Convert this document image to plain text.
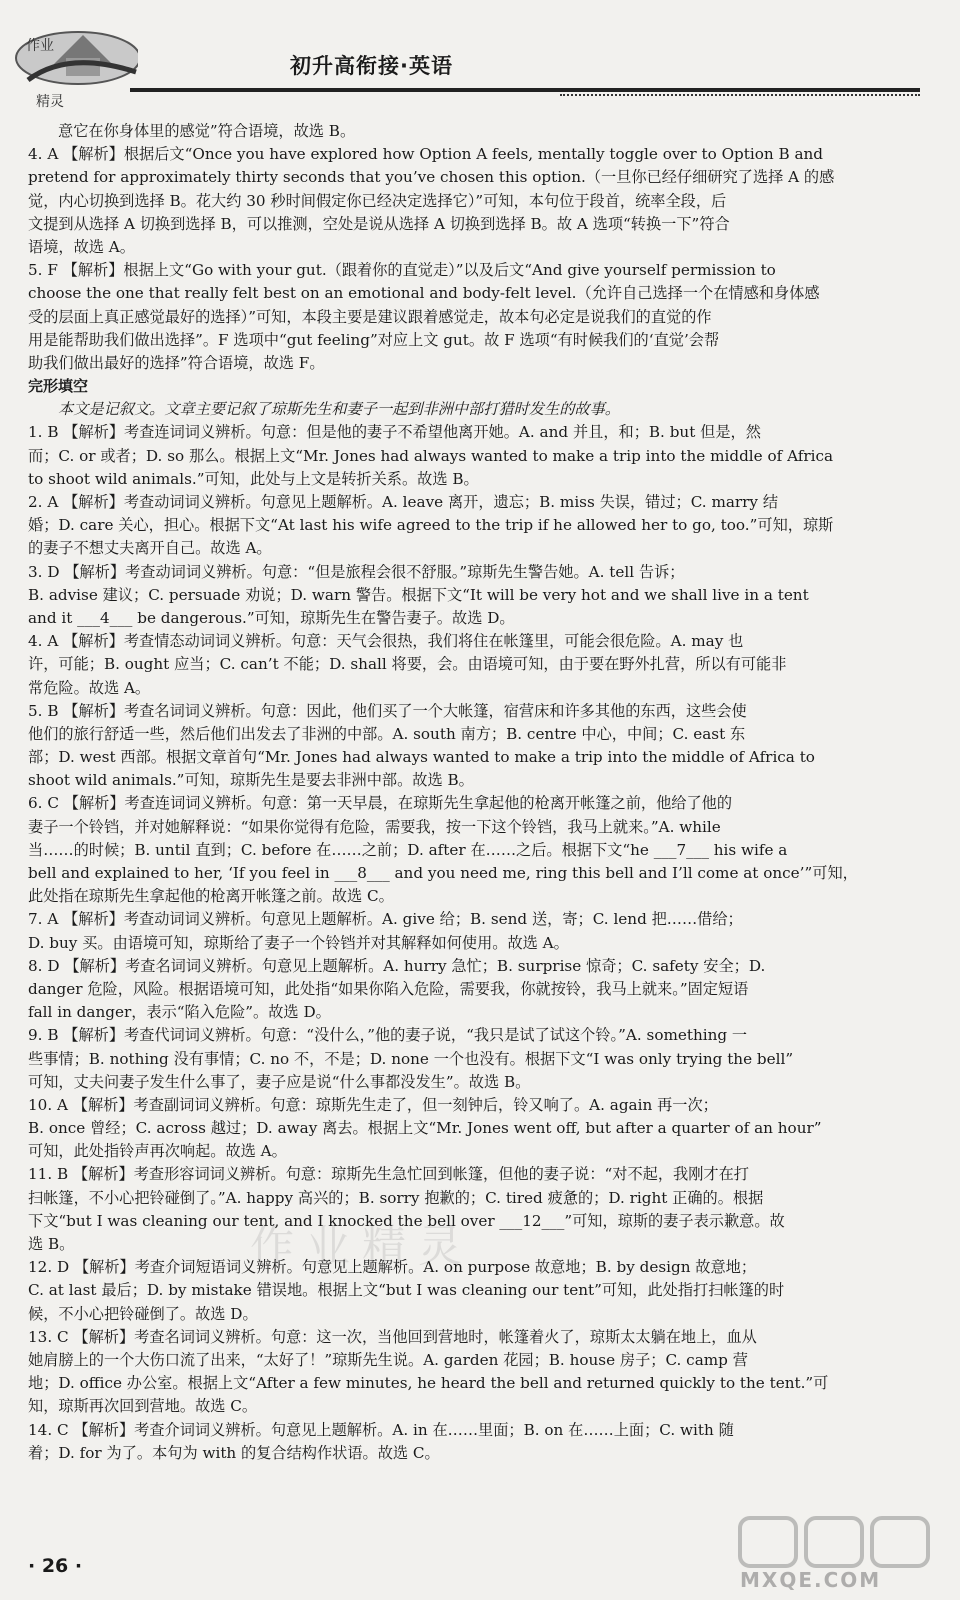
作业
精灵
初升高衔接·英语
意它在你身体里的感觉”符合语境，故选 B。
4. A 【解析】根据后文“Once you have explored how Option A feels, mentally toggle over to Option B and
pretend for approximately thirty seconds that you’ve chosen this option.（一旦你已经仔细研究了选择 A 的感
觉，内心切换到选择 B。花大约 30 秒时间假定你已经决定选择它）”可知，本句位于段首，统率全段，后
文提到从选择 A 切换到选择 B，可以推测，空处是说从选择 A 切换到选择 B。故 A 选项“转换一下”符合
语境，故选 A。
5. F 【解析】根据上文“Go with your gut.（跟着你的直觉走）”以及后文“And give yourself permission to
choose the one that really felt best on an emotional and body-felt level.（允许自己选择一个在情感和身体感
受的层面上真正感觉最好的选择）”可知，本段主要是建议跟着感觉走，故本句必定是说我们的直觉的作
用是能帮助我们做出选择”。F 选项中“gut feeling”对应上文 gut。故 F 选项“有时候我们的‘直觉’会帮
助我们做出最好的选择”符合语境，故选 F。
完形填空
本文是记叙文。文章主要记叙了琼斯先生和妻子一起到非洲中部打猎时发生的故事。
1. B 【解析】考查连词词义辨析。句意：但是他的妻子不希望他离开她。A. and 并且，和；B. but 但是，然
而；C. or 或者；D. so 那么。根据上文“Mr. Jones had always wanted to make a trip into the middle of Africa
to shoot wild animals.”可知，此处与上文是转折关系。故选 B。
2. A 【解析】考查动词词义辨析。句意见上题解析。A. leave 离开，遗忘；B. miss 失误，错过；C. marry 结
婚；D. care 关心，担心。根据下文“At last his wife agreed to the trip if he allowed her to go, too.”可知，琼斯
的妻子不想丈夫离开自己。故选 A。
3. D 【解析】考查动词词义辨析。句意：“但是旅程会很不舒服。”琼斯先生警告她。A. tell 告诉；
B. advise 建议；C. persuade 劝说；D. warn 警告。根据下文“It will be very hot and we shall live in a tent
and it ___4___ be dangerous.”可知，琼斯先生在警告妻子。故选 D。
4. A 【解析】考查情态动词词义辨析。句意：天气会很热，我们将住在帐篷里，可能会很危险。A. may 也
许，可能；B. ought 应当；C. can’t 不能；D. shall 将要，会。由语境可知，由于要在野外扎营，所以有可能非
常危险。故选 A。
5. B 【解析】考查名词词义辨析。句意：因此，他们买了一个大帐篷，宿营床和许多其他的东西，这些会使
他们的旅行舒适一些，然后他们出发去了非洲的中部。A. south 南方；B. centre 中心，中间；C. east 东
部；D. west 西部。根据文章首句“Mr. Jones had always wanted to make a trip into the middle of Africa to
shoot wild animals.”可知，琼斯先生是要去非洲中部。故选 B。
6. C 【解析】考查连词词义辨析。句意：第一天早晨，在琼斯先生拿起他的枪离开帐篷之前，他给了他的
妻子一个铃铛，并对她解释说：“如果你觉得有危险，需要我，按一下这个铃铛，我马上就来。”A. while
当……的时候；B. until 直到；C. before 在……之前；D. after 在……之后。根据下文“he ___7___ his wife a
bell and explained to her, ‘If you feel in ___8___ and you need me, ring this bell and I’ll come at once’”可知，
此处指在琼斯先生拿起他的枪离开帐篷之前。故选 C。
7. A 【解析】考查动词词义辨析。句意见上题解析。A. give 给；B. send 送，寄；C. lend 把……借给；
D. buy 买。由语境可知，琼斯给了妻子一个铃铛并对其解释如何使用。故选 A。
8. D 【解析】考查名词词义辨析。句意见上题解析。A. hurry 急忙；B. surprise 惊奇；C. safety 安全；D.
danger 危险，风险。根据语境可知，此处指“如果你陷入危险，需要我，你就按铃，我马上就来。”固定短语
fall in danger，表示“陷入危险”。故选 D。
9. B 【解析】考查代词词义辨析。句意：“没什么，”他的妻子说，“我只是试了试这个铃。”A. something 一
些事情；B. nothing 没有事情；C. no 不，不是；D. none 一个也没有。根据下文“I was only trying the bell”
可知，丈夫问妻子发生什么事了，妻子应是说“什么事都没发生”。故选 B。
10. A 【解析】考查副词词义辨析。句意：琼斯先生走了，但一刻钟后，铃又响了。A. again 再一次；
B. once 曾经；C. across 越过；D. away 离去。根据上文“Mr. Jones went off, but after a quarter of an hour”
可知，此处指铃声再次响起。故选 A。
11. B 【解析】考查形容词词义辨析。句意：琼斯先生急忙回到帐篷，但他的妻子说：“对不起，我刚才在打
扫帐篷，不小心把铃碰倒了。”A. happy 高兴的；B. sorry 抱歉的；C. tired 疲惫的；D. right 正确的。根据
下文“but I was cleaning our tent, and I knocked the bell over ___12___”可知，琼斯的妻子表示歉意。故
选 B。
12. D 【解析】考查介词短语词义辨析。句意见上题解析。A. on purpose 故意地；B. by design 故意地；
C. at last 最后；D. by mistake 错误地。根据上文“but I was cleaning our tent”可知，此处指打扫帐篷的时
候，不小心把铃碰倒了。故选 D。
13. C 【解析】考查名词词义辨析。句意：这一次，当他回到营地时，帐篷着火了，琼斯太太躺在地上，血从
她肩膀上的一个大伤口流了出来，“太好了！”琼斯先生说。A. garden 花园；B. house 房子；C. camp 营
地；D. office 办公室。根据上文“After a few minutes, he heard the bell and returned quickly to the tent.”可
知，琼斯再次回到营地。故选 C。
14. C 【解析】考查介词词义辨析。句意见上题解析。A. in 在……里面；B. on 在……上面；C. with 随
着；D. for 为了。本句为 with 的复合结构作状语。故选 C。
作业精灵
· 26 ·
MXQE.COM
